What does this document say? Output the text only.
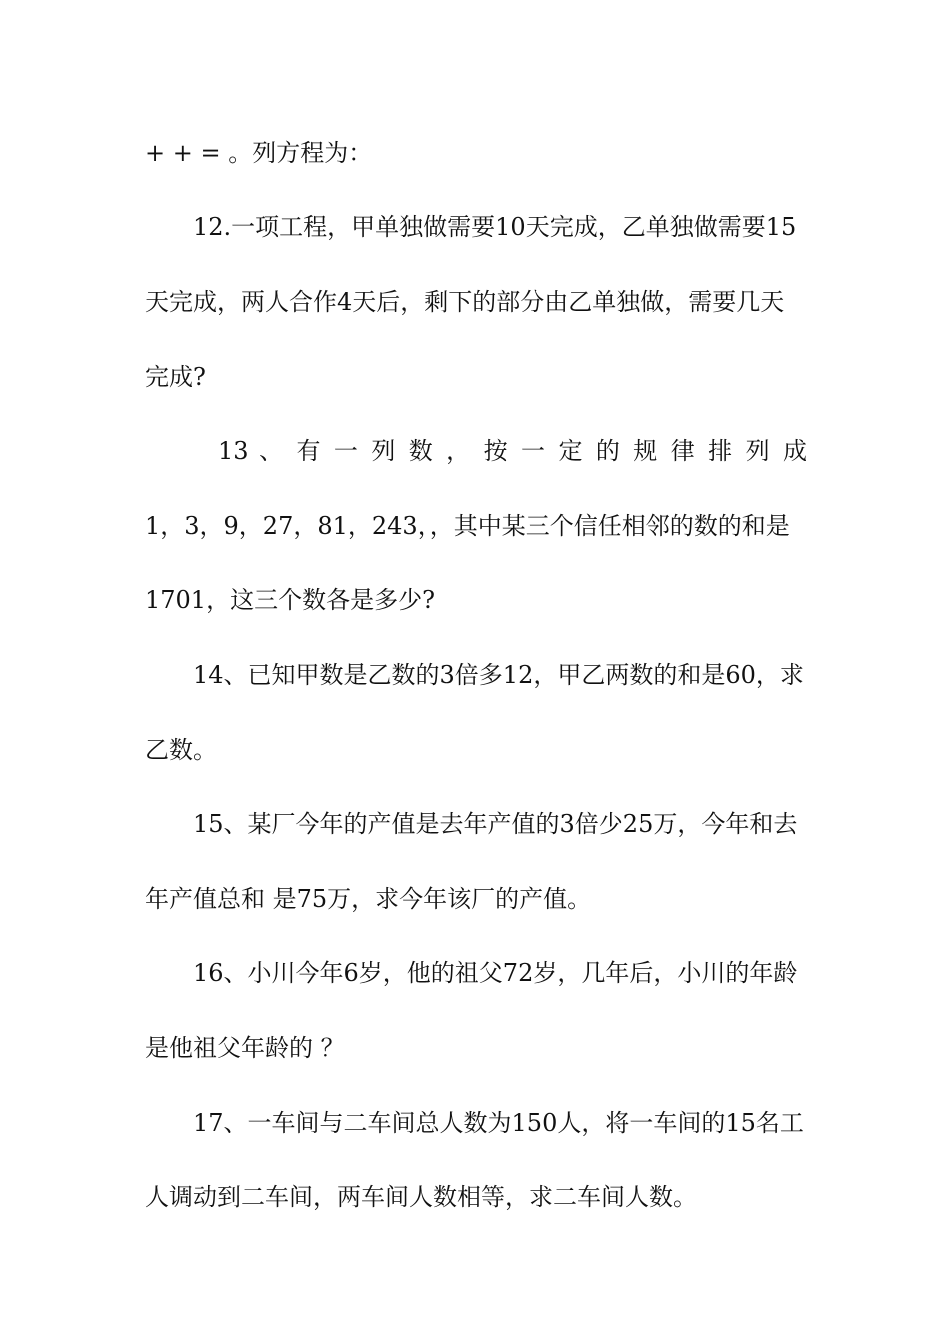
+ + = 。列方程为：
12.一项工程，甲单独做需要10天完成，乙单独做需要15
天完成，两人合作4天后，剩下的部分由乙单独做，需要几天
完成?
13 、 有 一 列 数 ， 按 一 定 的 规 律 排 列 成
1，3，9，27，81，243，，其中某三个信任相邻的数的和是
1701，这三个数各是多少?
14、已知甲数是乙数的3倍多12，甲乙两数的和是60，求
乙数。
15、某厂今年的产值是去年产值的3倍少25万，今年和去
年产值总和 是75万，求今年该厂的产值。
16、小川今年6岁，他的祖父72岁，几年后，小川的年龄
是他祖父年龄的 ？
17、一车间与二车间总人数为150人，将一车间的15名工
人调动到二车间，两车间人数相等，求二车间人数。
